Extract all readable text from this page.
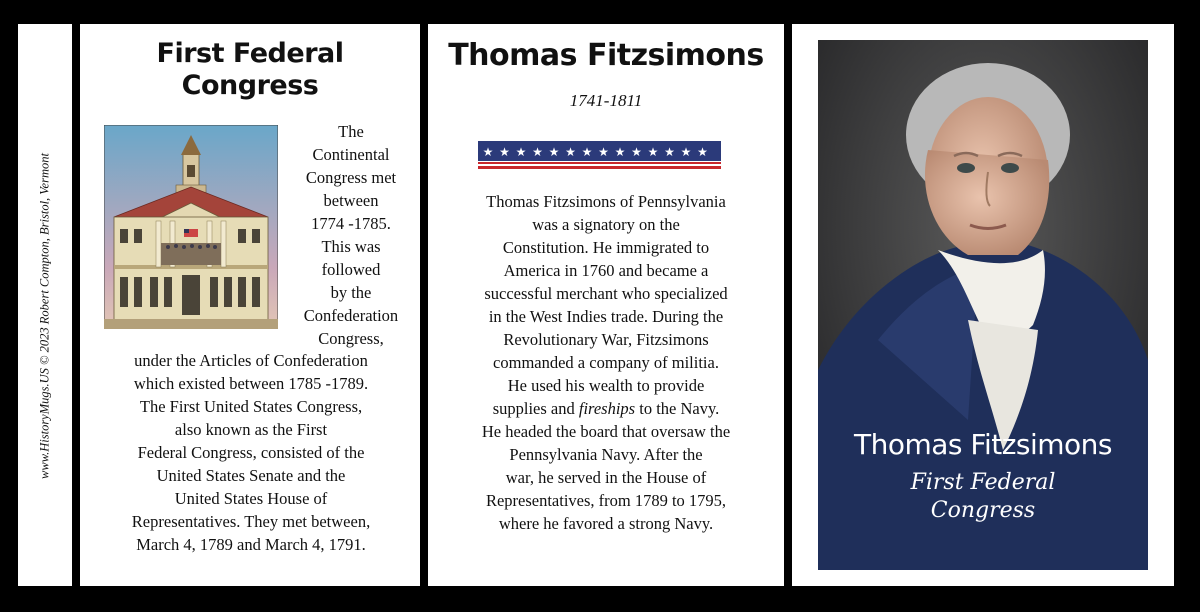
www.HistoryMugs.US © 2023 Robert Compton, Bristol, Vermont
First Federal
Congress
The
Continental
Congress met
between
1774 -1785.
This was
followed
by the
Confederation
Congress,
under the Articles of Confederation
which existed between 1785 -1789.
The First United States Congress,
also known as the First
Federal Congress, consisted of the
United States Senate and the
United States House of
Representatives. They met between,
March 4, 1789 and March 4, 1791.
Thomas Fitzsimons
1741-1811
★ ★ ★ ★ ★ ★ ★ ★ ★ ★ ★ ★ ★ ★
Thomas Fitzsimons of Pennsylvania
was a signatory on the
Constitution. He immigrated to
America in 1760 and became a
successful merchant who specialized
in the West Indies trade. During the
Revolutionary War, Fitzsimons
commanded a company of militia.
He used his wealth to provide
supplies and fireships to the Navy.
He headed the board that oversaw the
Pennsylvania Navy. After the
war, he served in the House of
Representatives, from 1789 to 1795,
where he favored a strong Navy.
Thomas Fitzsimons
First Federal
Congress
